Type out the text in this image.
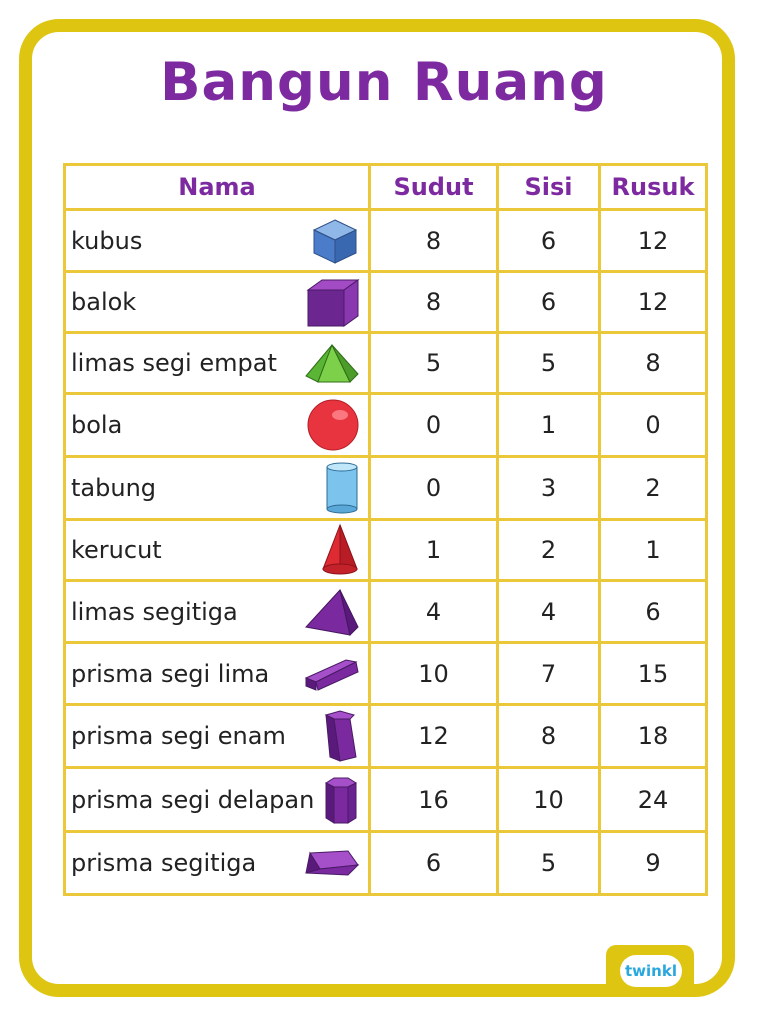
Bangun Ruang
Nama	Sudut	Sisi	Rusuk
kubus	8	6	12
balok	8	6	12
limas segi empat	5	5	8
bola	0	1	0
tabung	0	3	2
kerucut	1	2	1
limas segitiga	4	4	6
prisma segi lima	10	7	15
prisma segi enam	12	8	18
prisma segi delapan	16	10	24
prisma segitiga	6	5	9
twinkl
